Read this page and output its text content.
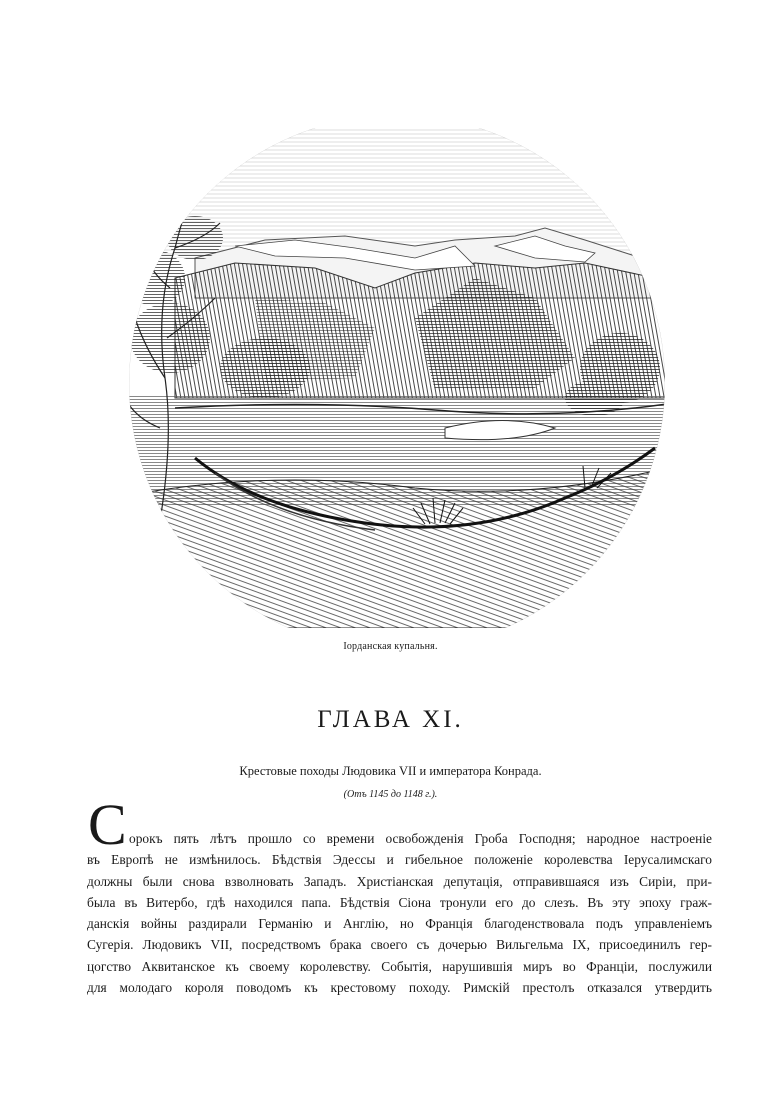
Iорданская купальня.
ГЛАВА XI.
Крестовые походы Людовика VII и императора Конрада.
(Отъ 1145 до 1148 г.).
С орокъ пять лѣтъ прошло со времени освобожденія Гроба Господня; народное настроеніе
въ Европѣ не измѣнилось. Бѣдствія Эдессы и гибельное положеніе королевства Iерусалимскаго
должны были снова взволновать Западъ. Христіанская депутація, отправившаяся изъ Сиріи, при-
была въ Витербо, гдѣ находился папа. Бѣдствія Сіона тронули его до слезъ. Въ эту эпоху граж-
данскія войны раздирали Германію и Англію, но Франція благоденствовала подъ управленіемъ
Сугерія. Людовикъ VII, посредствомъ брака своего съ дочерью Вильгельма IX, присоединилъ гер-
цогство Аквитанское къ своему королевству. Событія, нарушившія миръ во Франціи, послужили
для молодаго короля поводомъ къ крестовому походу. Римскій престолъ отказался утвердить
